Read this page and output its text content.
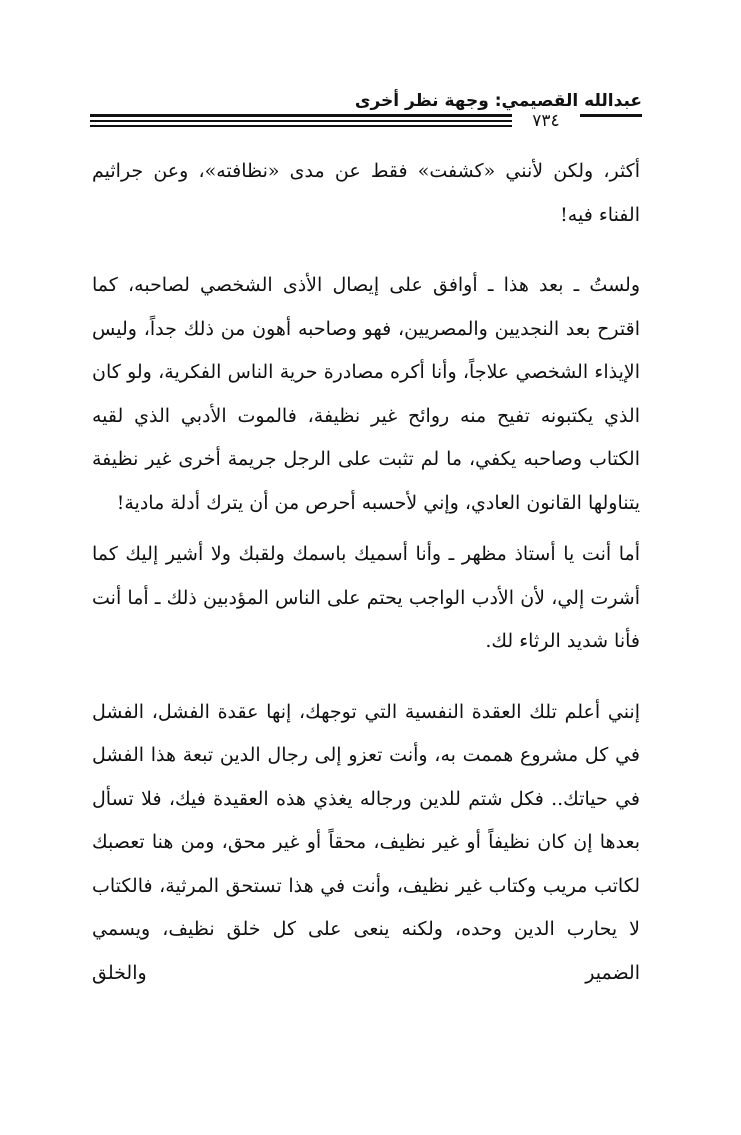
عبدالله القصيمي: وجهة نظر أخرى
٧٣٤

أكثر، ولكن لأنني «كشفت» فقط عن مدى «نظافته»، وعن جراثيم الفناء فيه!

ولستُ ـ بعد هذا ـ أوافق على إيصال الأذى الشخصي لصاحبه، كما اقترح بعد النجديين والمصريين، فهو وصاحبه أهون من ذلك جداً، وليس الإيذاء الشخصي علاجاً، وأنا أكره مصادرة حرية الناس الفكرية، ولو كان الذي يكتبونه تفيح منه روائح غير نظيفة، فالموت الأدبي الذي لقيه الكتاب وصاحبه يكفي، ما لم تثبت على الرجل جريمة أخرى غير نظيفة يتناولها القانون العادي، وإني لأحسبه أحرص من أن يترك أدلة مادية!

أما أنت يا أستاذ مظهر ـ وأنا أسميك باسمك ولقبك ولا أشير إليك كما أشرت إلي، لأن الأدب الواجب يحتم على الناس المؤدبين ذلك ـ أما أنت فأنا شديد الرثاء لك.

إنني أعلم تلك العقدة النفسية التي توجهك، إنها عقدة الفشل، الفشل في كل مشروع هممت به، وأنت تعزو إلى رجال الدين تبعة هذا الفشل في حياتك.. فكل شتم للدين ورجاله يغذي هذه العقيدة فيك، فلا تسأل بعدها إن كان نظيفاً أو غير نظيف، محقاً أو غير محق، ومن هنا تعصبك لكاتب مريب وكتاب غير نظيف، وأنت في هذا تستحق المرثية، فالكتاب لا يحارب الدين وحده، ولكنه ينعى على كل خلق نظيف، ويسمي الضمير والخلق
